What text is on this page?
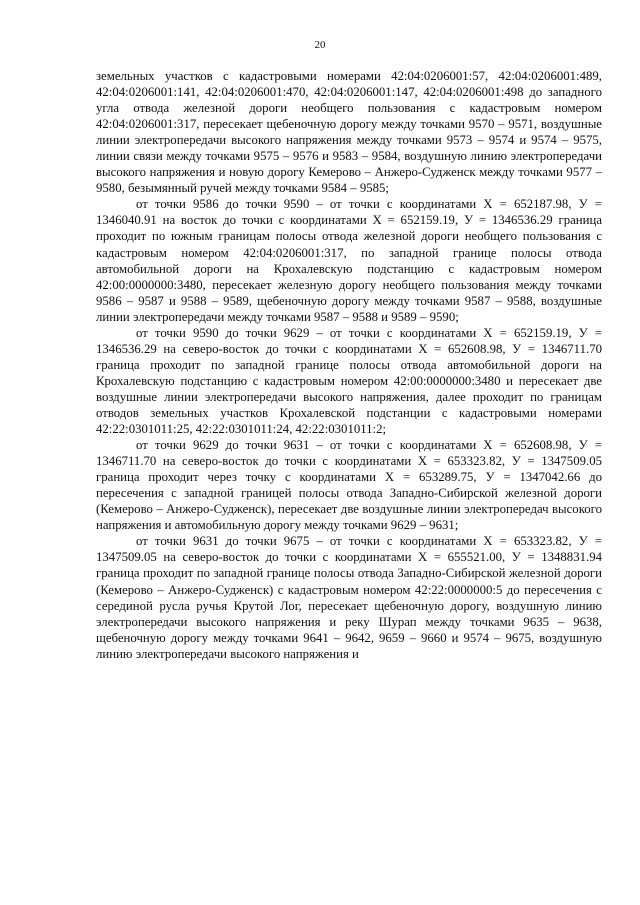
20

земельных участков с кадастровыми номерами 42:04:0206001:57, 42:04:0206001:489, 42:04:0206001:141, 42:04:0206001:470, 42:04:0206001:147, 42:04:0206001:498 до западного угла отвода железной дороги необщего пользования с кадастровым номером 42:04:0206001:317, пересекает щебеночную дорогу между точками 9570 – 9571, воздушные линии электропередачи высокого напряжения между точками 9573 – 9574 и 9574 – 9575, линии связи между точками 9575 – 9576 и 9583 – 9584, воздушную линию электропередачи высокого напряжения и новую дорогу Кемерово – Анжеро-Судженск между точками 9577 – 9580, безымянный ручей между точками 9584 – 9585;

от точки 9586 до точки 9590 – от точки с координатами Х = 652187.98, У = 1346040.91 на восток до точки с координатами Х = 652159.19, У = 1346536.29 граница проходит по южным границам полосы отвода железной дороги необщего пользования с кадастровым номером 42:04:0206001:317, по западной границе полосы отвода автомобильной дороги на Крохалевскую подстанцию с кадастровым номером 42:00:0000000:3480, пересекает железную дорогу необщего пользования между точками 9586 – 9587 и 9588 – 9589, щебеночную дорогу между точками 9587 – 9588, воздушные линии электропередачи между точками 9587 – 9588 и 9589 – 9590;

от точки 9590 до точки 9629 – от точки с координатами Х = 652159.19, У = 1346536.29 на северо-восток до точки с координатами Х = 652608.98, У = 1346711.70 граница проходит по западной границе полосы отвода автомобильной дороги на Крохалевскую подстанцию с кадастровым номером 42:00:0000000:3480 и пересекает две воздушные линии электропередачи высокого напряжения, далее проходит по границам отводов земельных участков Крохалевской подстанции с кадастровыми номерами 42:22:0301011:25, 42:22:0301011:24, 42:22:0301011:2;

от точки 9629 до точки 9631 – от точки с координатами Х = 652608.98, У = 1346711.70 на северо-восток до точки с координатами Х = 653323.82, У = 1347509.05 граница проходит через точку с координатами Х = 653289.75, У = 1347042.66 до пересечения с западной границей полосы отвода Западно-Сибирской железной дороги (Кемерово – Анжеро-Судженск), пересекает две воздушные линии электропередач высокого напряжения и автомобильную дорогу между точками 9629 – 9631;

от точки 9631 до точки 9675 – от точки с координатами Х = 653323.82, У = 1347509.05 на северо-восток до точки с координатами Х = 655521.00, У = 1348831.94 граница проходит по западной границе полосы отвода Западно-Сибирской железной дороги (Кемерово – Анжеро-Судженск) с кадастровым номером 42:22:0000000:5 до пересечения с серединой русла ручья Крутой Лог, пересекает щебеночную дорогу, воздушную линию электропередачи высокого напряжения и реку Шурап между точками 9635 – 9638, щебеночную дорогу между точками 9641 – 9642, 9659 – 9660 и 9574 – 9675, воздушную линию электропередачи высокого напряжения и
